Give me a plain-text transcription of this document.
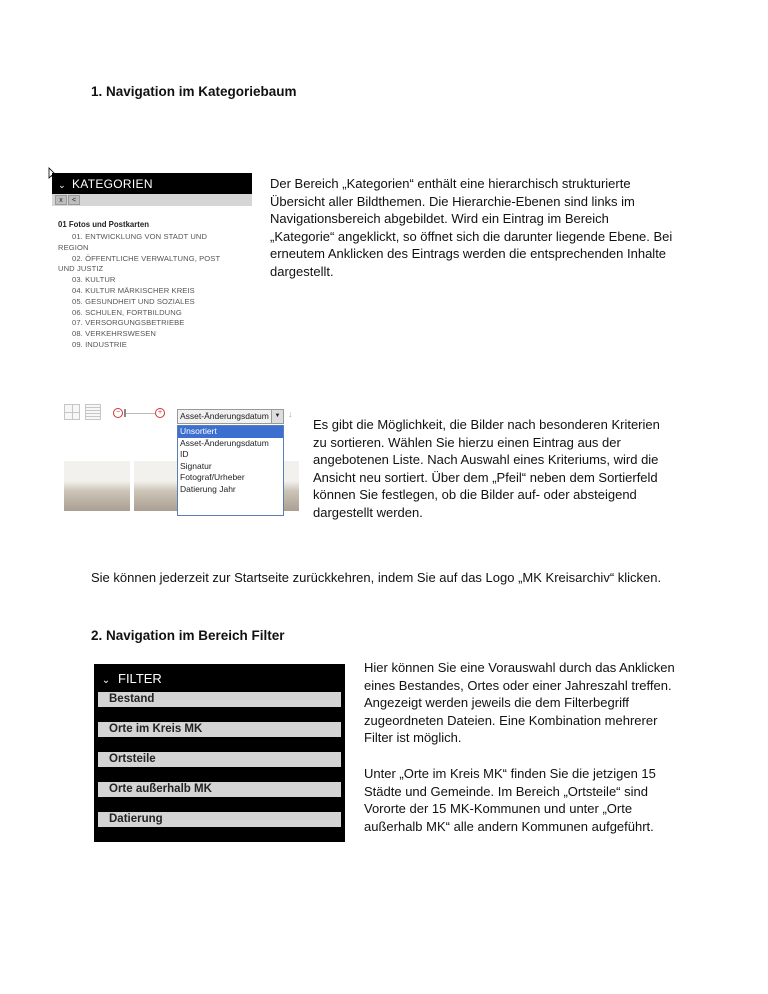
1. Navigation im Kategoriebaum
⌄ KATEGORIEN
x	<
01 Fotos und Postkarten
01. ENTWICKLUNG VON STADT UND
REGION
02. ÖFFENTLICHE VERWALTUNG, POST
UND JUSTIZ
03. KULTUR
04. KULTUR MÄRKISCHER KREIS
05. GESUNDHEIT UND SOZIALES
06. SCHULEN, FORTBILDUNG
07. VERSORGUNGSBETRIEBE
08. VERKEHRSWESEN
09. INDUSTRIE
Der Bereich „Kategorien“ enthält eine hierarchisch strukturierte
Übersicht aller Bildthemen. Die Hierarchie-Ebenen sind links im
Navigationsbereich abgebildet. Wird ein Eintrag im Bereich
„Kategorie“ angeklickt, so öffnet sich die darunter liegende Ebene. Bei
erneutem Anklicken des Eintrags werden die entsprechenden Inhalte
dargestellt.
−	+	Asset-Änderungsdatum ▼ ↓
Unsortiert
Asset-Änderungsdatum
ID
Signatur
Fotograf/Urheber
Datierung Jahr
Es gibt die Möglichkeit, die Bilder nach besonderen Kriterien
zu sortieren. Wählen Sie hierzu einen Eintrag aus der
angebotenen Liste. Nach Auswahl eines Kriteriums, wird die
Ansicht neu sortiert. Über dem „Pfeil“ neben dem Sortierfeld
können Sie festlegen, ob die Bilder auf- oder absteigend
dargestellt werden.
Sie können jederzeit zur Startseite zurückkehren, indem Sie auf das Logo „MK Kreisarchiv“ klicken.
2. Navigation im Bereich Filter
⌄ FILTER
Bestand
Orte im Kreis MK
Ortsteile
Orte außerhalb MK
Datierung
Hier können Sie eine Vorauswahl durch das Anklicken
eines Bestandes, Ortes oder einer Jahreszahl treffen.
Angezeigt werden jeweils die dem Filterbegriff
zugeordneten Dateien. Eine Kombination mehrerer
Filter ist möglich.
Unter „Orte im Kreis MK“ finden Sie die jetzigen 15
Städte und Gemeinde. Im Bereich „Ortsteile“ sind
Vororte der 15 MK-Kommunen und unter „Orte
außerhalb MK“ alle andern Kommunen aufgeführt.
